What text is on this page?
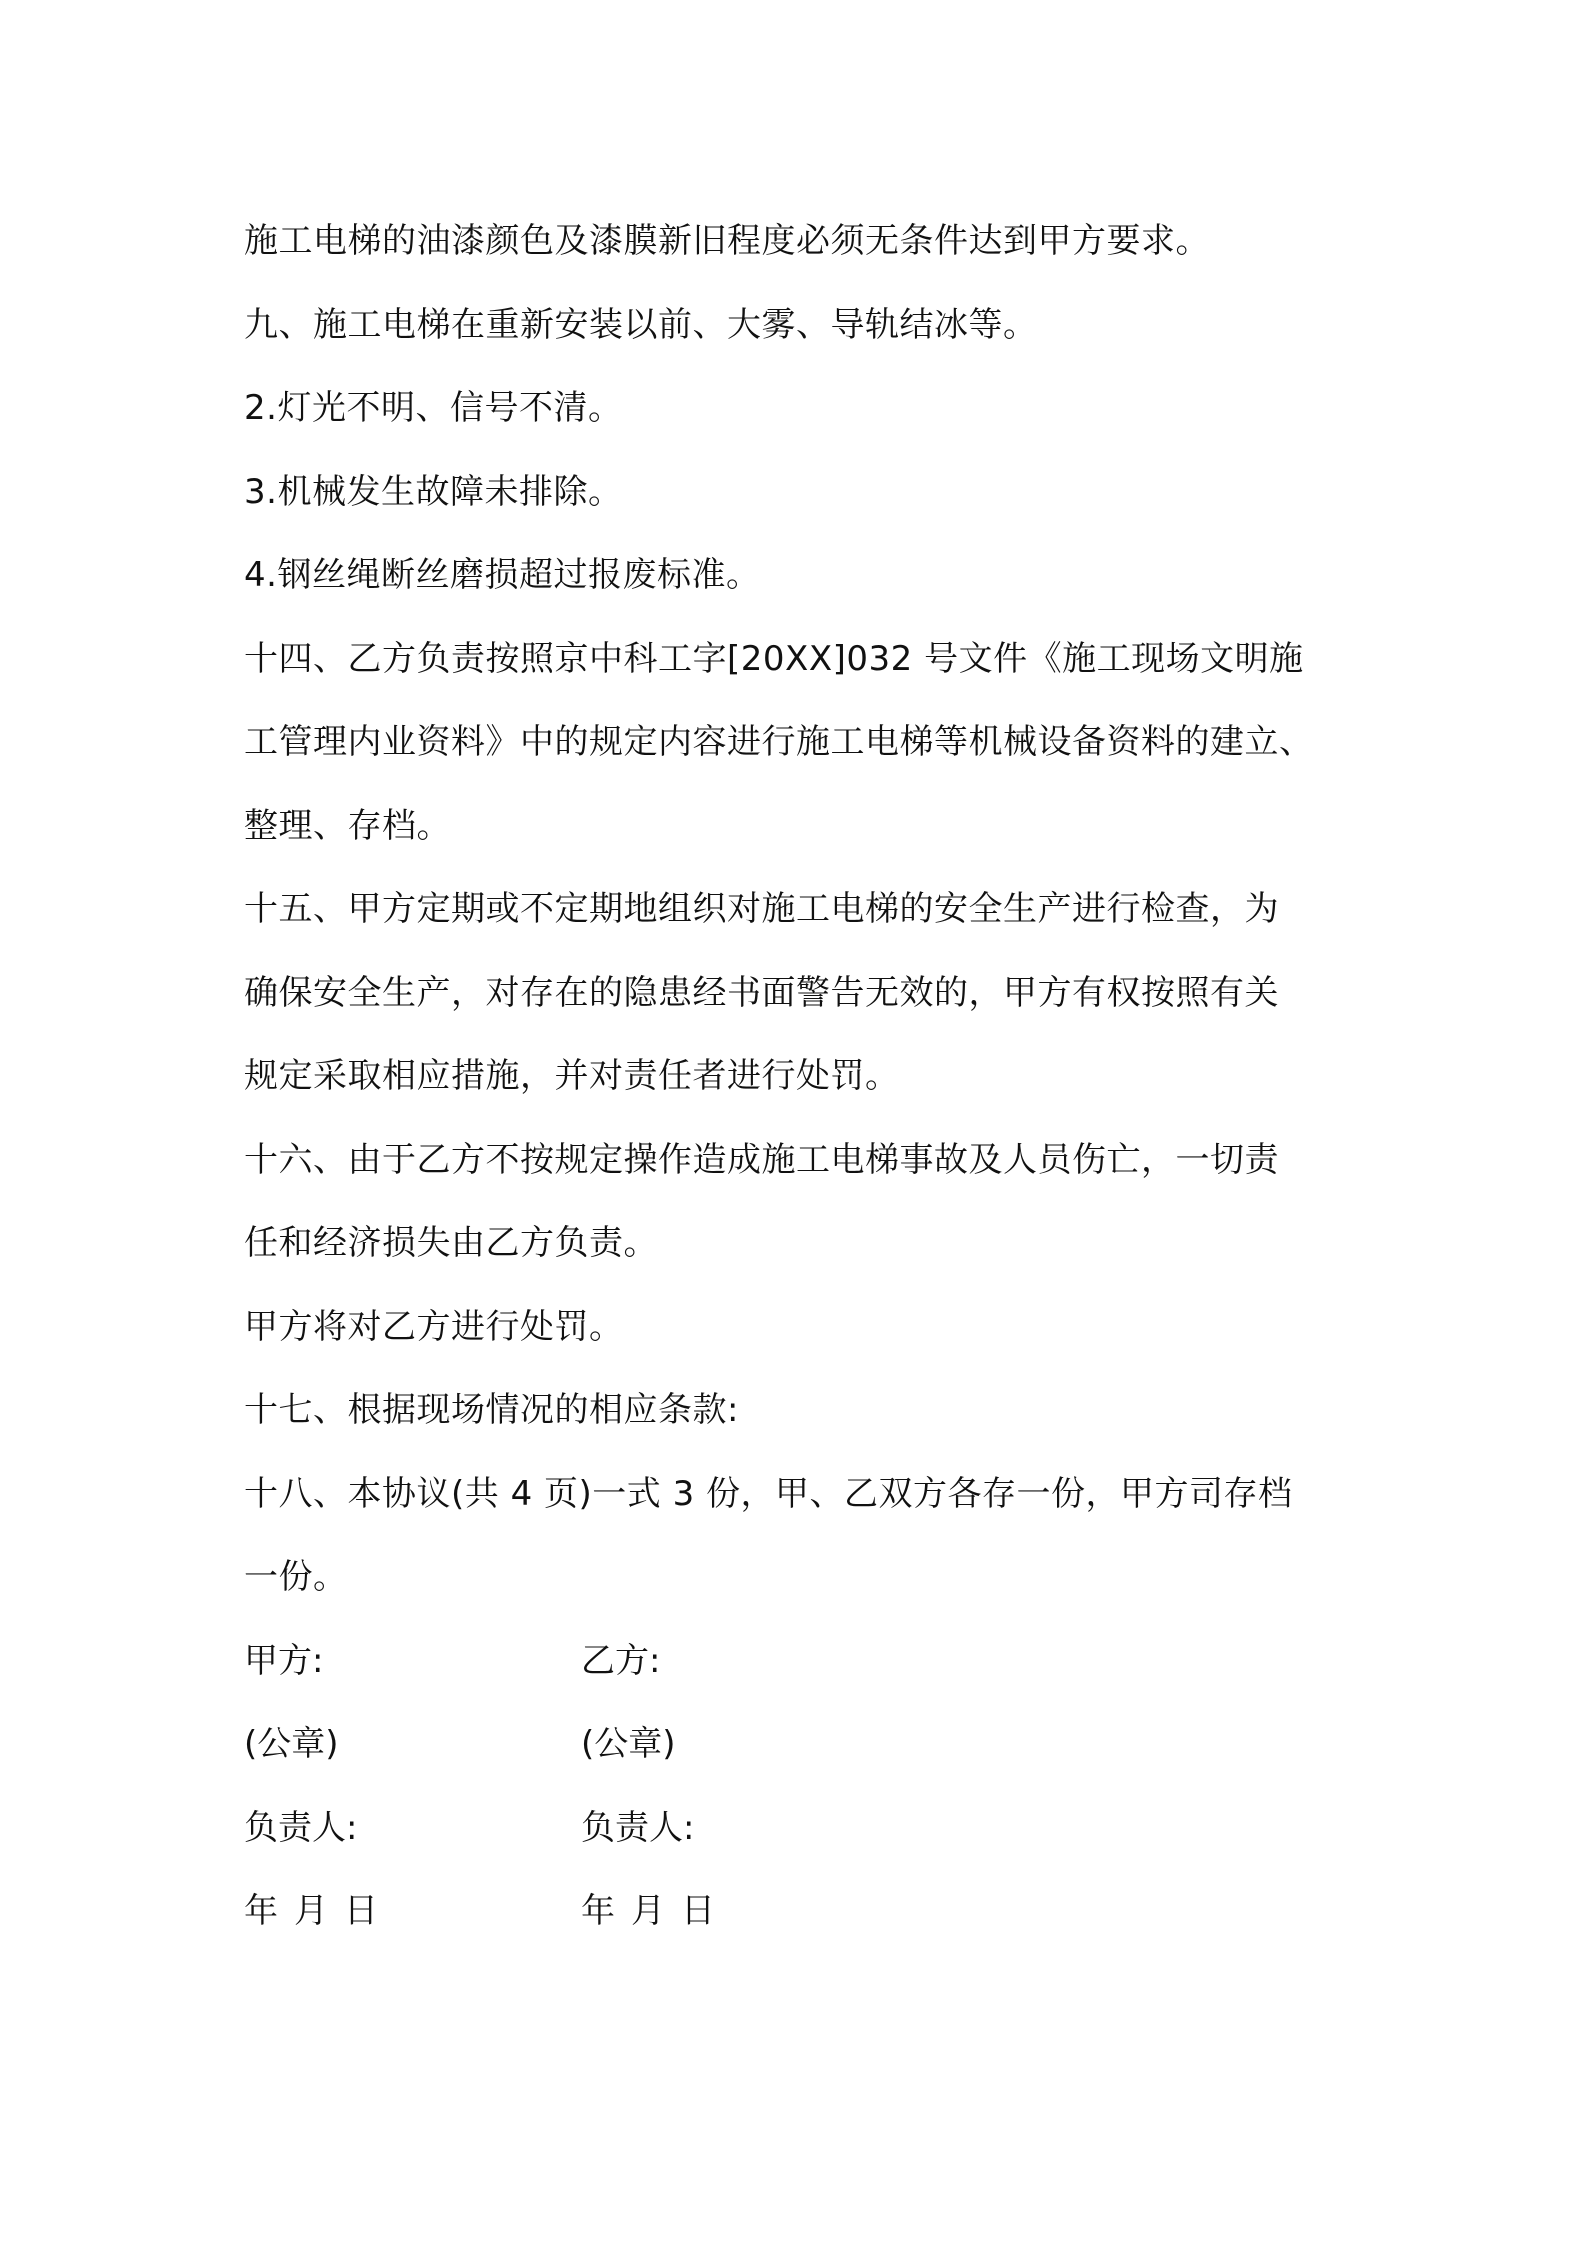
施工电梯的油漆颜色及漆膜新旧程度必须无条件达到甲方要求。
九、施工电梯在重新安装以前、大雾、导轨结冰等。
2.灯光不明、信号不清。
3.机械发生故障未排除。
4.钢丝绳断丝磨损超过报废标准。
十四、乙方负责按照京中科工字[20XX]032 号文件《施工现场文明施
工管理内业资料》中的规定内容进行施工电梯等机械设备资料的建立、
整理、存档。
十五、甲方定期或不定期地组织对施工电梯的安全生产进行检查，为
确保安全生产，对存在的隐患经书面警告无效的，甲方有权按照有关
规定采取相应措施，并对责任者进行处罚。
十六、由于乙方不按规定操作造成施工电梯事故及人员伤亡，一切责
任和经济损失由乙方负责。
甲方将对乙方进行处罚。
十七、根据现场情况的相应条款:
十八、本协议(共 4 页)一式 3 份，甲、乙双方各存一份，甲方司存档
一份。
甲方:	乙方:
(公章)	(公章)
负责人:	负责人:
年 月 日	年 月 日
